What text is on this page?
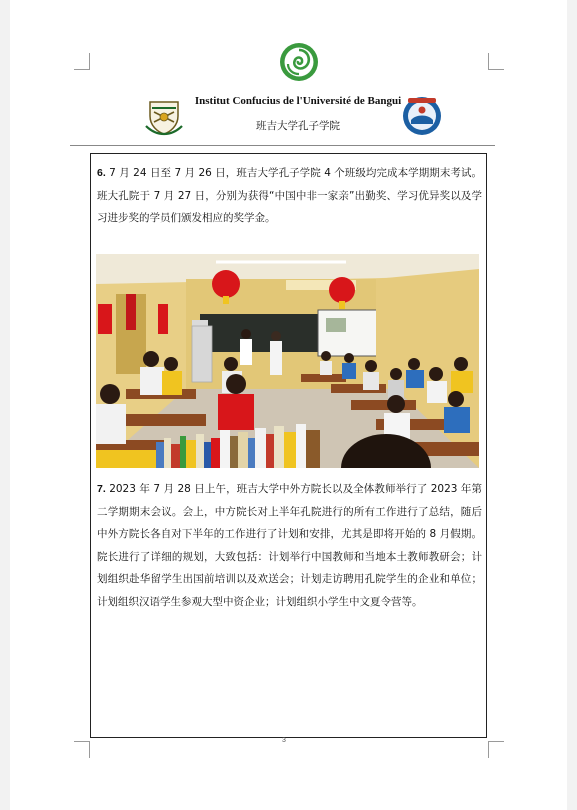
Institut Confucius de l'Université de Bangui
班吉大学孔子学院
6. 7 月 24 日至 7 月 26 日，班吉大学孔子学院 4 个班级均完成本学期期末考试。班大孔院于 7 月 27 日，分别为获得“中国中非一家亲”出勤奖、学习优异奖以及学习进步奖的学员们颁发相应的奖学金。
7. 2023 年 7 月 28 日上午，班吉大学中外方院长以及全体教师举行了 2023 年第二学期期末会议。会上，中方院长对上半年孔院进行的所有工作进行了总结，随后中外方院长各自对下半年的工作进行了计划和安排，尤其是即将开始的 8 月假期。院长进行了详细的规划，大致包括：计划举行中国教师和当地本土教师教研会；计划组织赴华留学生出国前培训以及欢送会；计划走访聘用孔院学生的企业和单位；计划组织汉语学生参观大型中资企业；计划组织小学生中文夏令营等。
3
